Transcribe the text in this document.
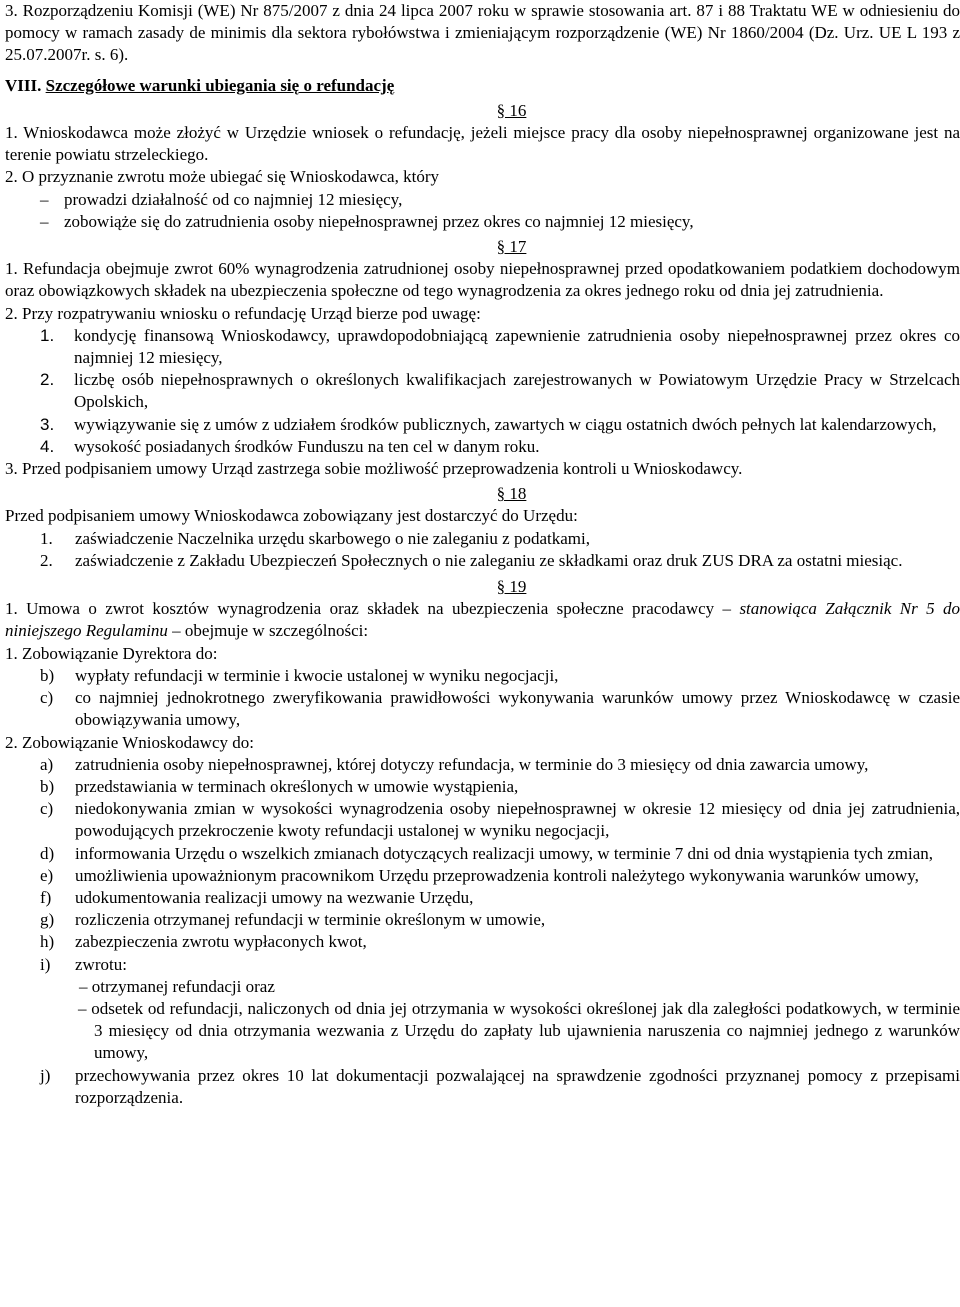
3. Rozporządzeniu Komisji (WE) Nr 875/2007 z dnia 24 lipca 2007 roku w sprawie stosowania art. 87 i 88 Traktatu WE w odniesieniu do pomocy w ramach zasady de minimis dla sektora rybołówstwa i zmieniającym rozporządzenie (WE) Nr 1860/2004 (Dz. Urz. UE L 193 z 25.07.2007r. s. 6).

VIII. Szczegółowe warunki ubiegania się o refundację

§ 16

1. Wnioskodawca może złożyć w Urzędzie wniosek o refundację, jeżeli miejsce pracy dla osoby niepełnosprawnej organizowane jest na terenie powiatu strzeleckiego.

2. O przyznanie zwrotu może ubiegać się Wnioskodawca, który

– prowadzi działalność od co najmniej 12 miesięcy,

– zobowiąże się do zatrudnienia osoby niepełnosprawnej przez okres co najmniej 12 miesięcy,

§ 17

1. Refundacja obejmuje zwrot 60% wynagrodzenia zatrudnionej osoby niepełnosprawnej przed opodatkowaniem podatkiem dochodowym oraz obowiązkowych składek na ubezpieczenia społeczne od tego wynagrodzenia za okres jednego roku od dnia jej zatrudnienia.

2. Przy rozpatrywaniu wniosku o refundację Urząd bierze pod uwagę:

1.	kondycję finansową Wnioskodawcy, uprawdopodobniającą zapewnienie zatrudnienia osoby niepełnosprawnej przez okres co najmniej 12 miesięcy,
2.	liczbę osób niepełnosprawnych o określonych kwalifikacjach zarejestrowanych w Powiatowym Urzędzie Pracy w Strzelcach Opolskich,
3.	wywiązywanie się z umów z udziałem środków publicznych, zawartych w ciągu ostatnich dwóch pełnych lat kalendarzowych,
4.	wysokość posiadanych środków Funduszu na ten cel w danym roku.

3. Przed podpisaniem umowy Urząd zastrzega sobie możliwość przeprowadzenia kontroli u Wnioskodawcy.

§ 18

Przed podpisaniem umowy Wnioskodawca zobowiązany jest dostarczyć do Urzędu:

1.	zaświadczenie Naczelnika urzędu skarbowego o nie zaleganiu z podatkami,
2.	zaświadczenie z Zakładu Ubezpieczeń Społecznych o nie zaleganiu ze składkami oraz druk ZUS DRA za ostatni miesiąc.
§ 19

1. Umowa o zwrot kosztów wynagrodzenia oraz składek na ubezpieczenia społeczne pracodawcy – stanowiąca Załącznik Nr 5 do niniejszego Regulaminu – obejmuje w szczególności:

1. Zobowiązanie Dyrektora do:

b)	wypłaty refundacji w terminie i kwocie ustalonej w wyniku negocjacji,
c)	co najmniej jednokrotnego zweryfikowania prawidłowości wykonywania warunków umowy przez Wnioskodawcę w czasie obowiązywania umowy,

2. Zobowiązanie Wnioskodawcy do:

a)	zatrudnienia osoby niepełnosprawnej, której dotyczy refundacja, w terminie do 3 miesięcy od dnia zawarcia umowy,
b)	przedstawiania w terminach określonych w umowie wystąpienia,
c)	niedokonywania zmian w wysokości wynagrodzenia osoby niepełnosprawnej w okresie 12 miesięcy od dnia jej zatrudnienia, powodujących przekroczenie kwoty refundacji ustalonej w wyniku negocjacji,
d)	informowania Urzędu o wszelkich zmianach dotyczących realizacji umowy, w terminie 7 dni od dnia wystąpienia tych zmian,
e)	umożliwienia upoważnionym pracownikom Urzędu przeprowadzenia kontroli należytego wykonywania warunków umowy,
f)	udokumentowania realizacji umowy na wezwanie Urzędu,
g)	rozliczenia otrzymanej refundacji w terminie określonym w umowie,
h)	zabezpieczenia zwrotu wypłaconych kwot,
i)	zwrotu:

– otrzymanej refundacji oraz

– odsetek od refundacji, naliczonych od dnia jej otrzymania w wysokości określonej jak dla zaległości podatkowych, w terminie 3 miesięcy od dnia otrzymania wezwania z Urzędu do zapłaty lub ujawnienia naruszenia co najmniej jednego z warunków umowy,

j)	przechowywania przez okres 10 lat dokumentacji pozwalającej na sprawdzenie zgodności przyznanej pomocy z przepisami rozporządzenia.
